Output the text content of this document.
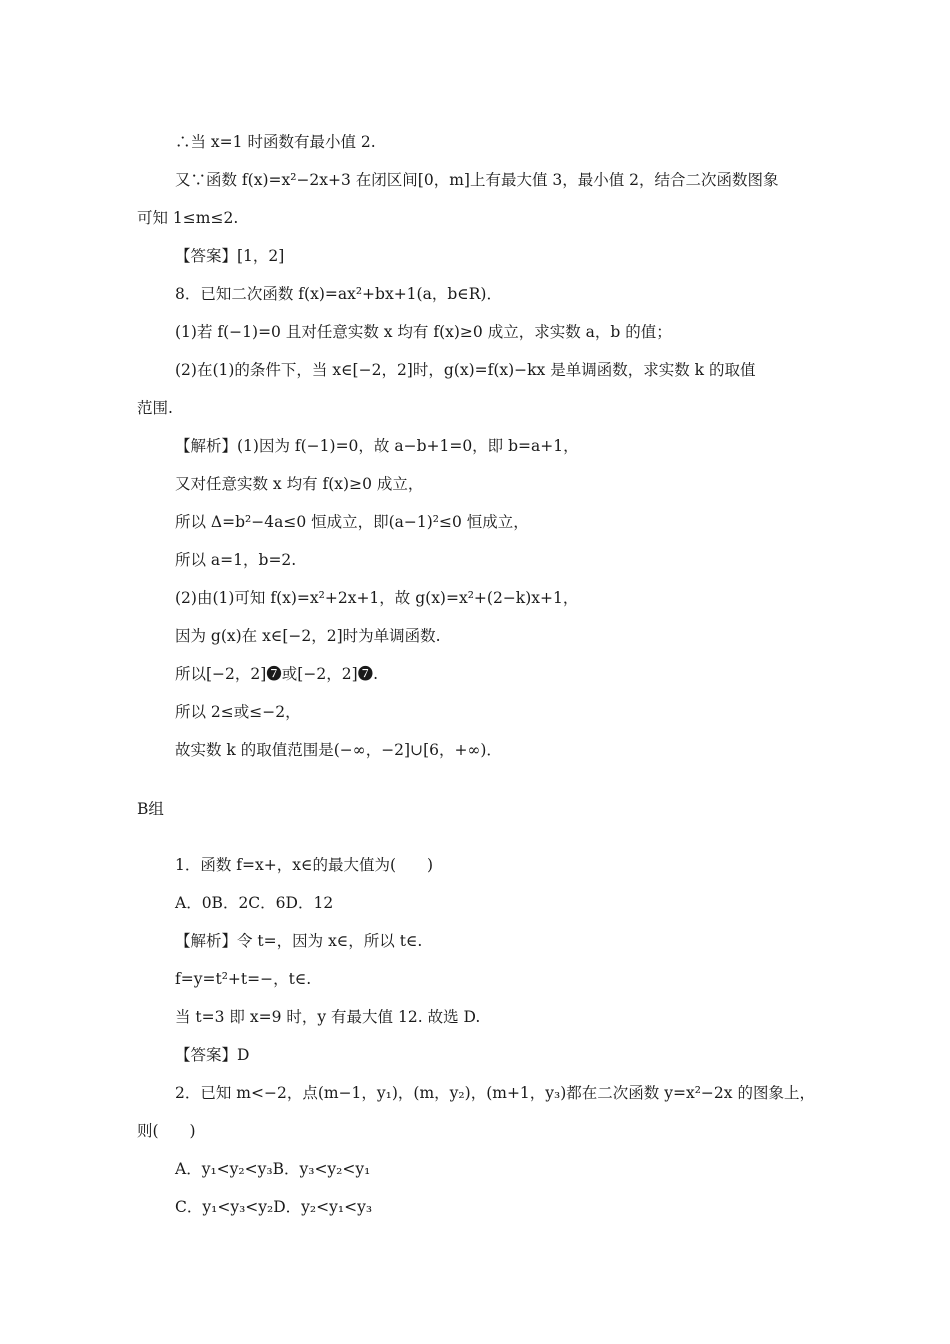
∴当 x=1 时函数有最小值 2.
又∵函数 f(x)=x²−2x+3 在闭区间[0，m]上有最大值 3，最小值 2，结合二次函数图象
可知 1≤m≤2.
【答案】[1，2]
8．已知二次函数 f(x)=ax²+bx+1(a，b∈R)．
(1)若 f(−1)=0 且对任意实数 x 均有 f(x)≥0 成立，求实数 a，b 的值；
(2)在(1)的条件下，当 x∈[−2，2]时，g(x)=f(x)−kx 是单调函数，求实数 k 的取值
范围.
【解析】(1)因为 f(−1)=0，故 a−b+1=0，即 b=a+1，
又对任意实数 x 均有 f(x)≥0 成立，
所以 Δ=b²−4a≤0 恒成立，即(a−1)²≤0 恒成立，
所以 a=1，b=2.
(2)由(1)可知 f(x)=x²+2x+1，故 g(x)=x²+(2−k)x+1，
因为 g(x)在 x∈[−2，2]时为单调函数.
所以[−2，2]❼或[−2，2]❼.
所以 2≤或≤−2，
故实数 k 的取值范围是(−∞，−2]∪[6，+∞)．
B组
1．函数 f=x+，x∈的最大值为(　　)
A．0B．2C．6D．12
【解析】令 t=，因为 x∈，所以 t∈.
f=y=t²+t=−，t∈.
当 t=3 即 x=9 时，y 有最大值 12. 故选 D.
【答案】D
2．已知 m<−2，点(m−1，y₁)，(m，y₂)，(m+1，y₃)都在二次函数 y=x²−2x 的图象上，
则(　　)
A．y₁<y₂<y₃B．y₃<y₂<y₁
C．y₁<y₃<y₂D．y₂<y₁<y₃
